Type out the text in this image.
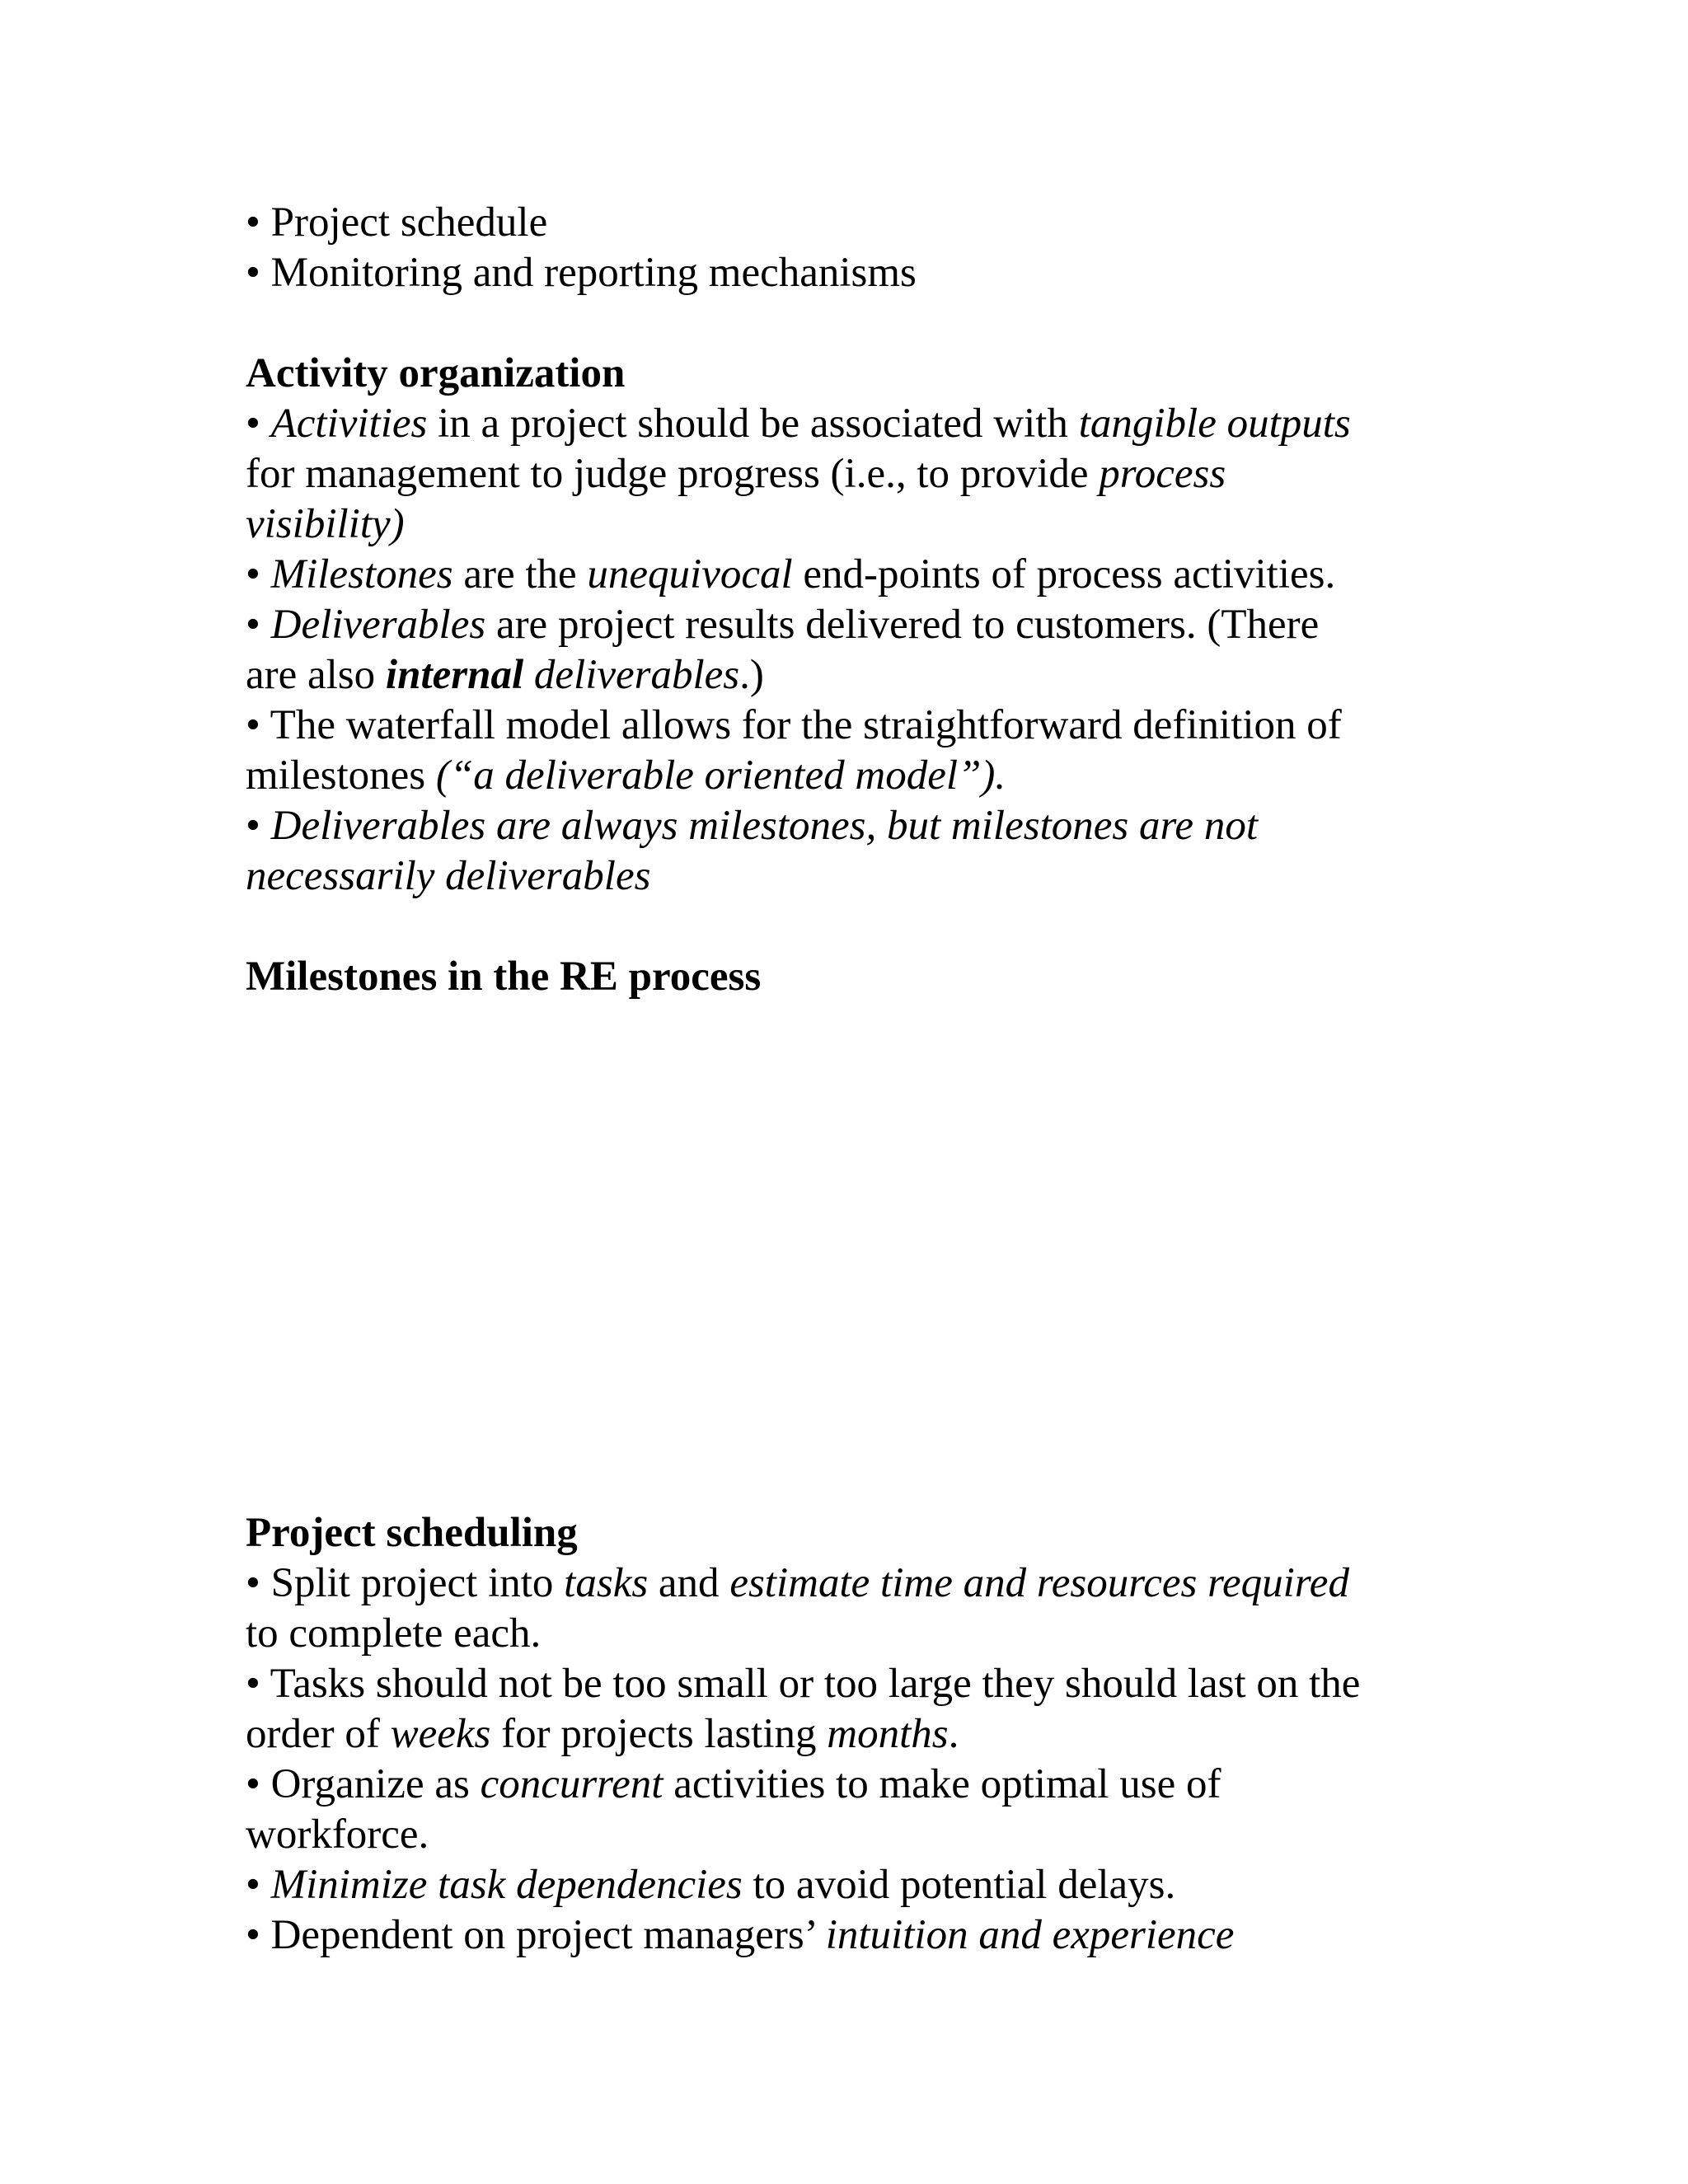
• Project schedule
• Monitoring and reporting mechanisms
Activity organization
• Activities in a project should be associated with tangible outputs
for management to judge progress (i.e., to provide process
visibility)
• Milestones are the unequivocal end-points of process activities.
• Deliverables are project results delivered to customers. (There
are also internal deliverables.)
• The waterfall model allows for the straightforward definition of
milestones (“a deliverable oriented model”).
• Deliverables are always milestones, but milestones are not
necessarily deliverables
Milestones in the RE process
Project scheduling
• Split project into tasks and estimate time and resources required
to complete each.
• Tasks should not be too small or too large they should last on the
order of weeks for projects lasting months.
• Organize as concurrent activities to make optimal use of
workforce.
• Minimize task dependencies to avoid potential delays.
• Dependent on project managers’ intuition and experience
